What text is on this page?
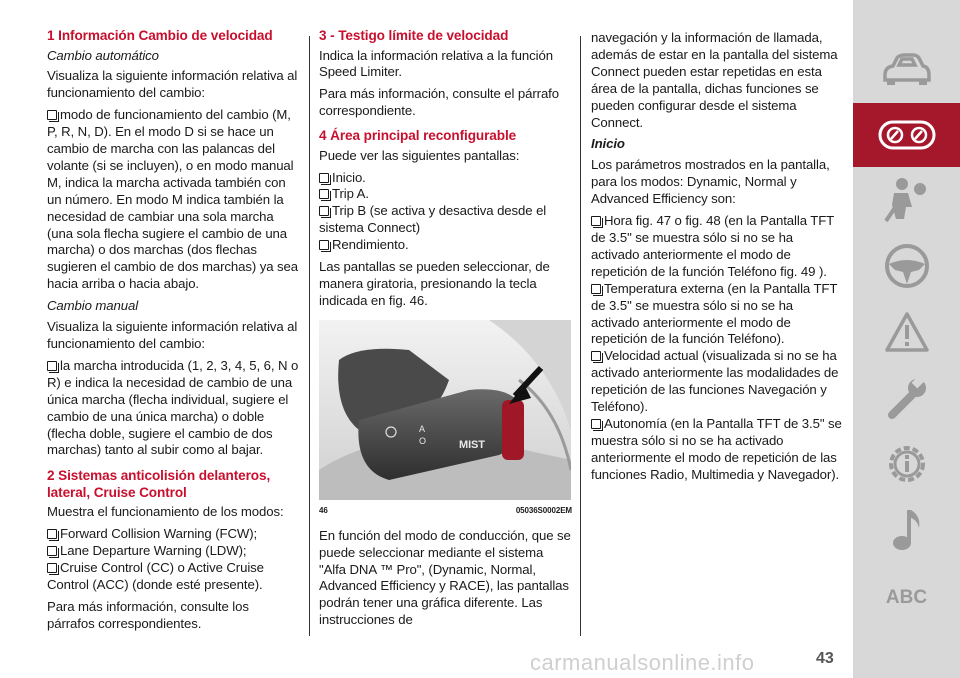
1 Información Cambio de velocidad
Cambio automático

Visualiza la siguiente información relativa al funcionamiento del cambio:

modo de funcionamiento del cambio (M, P, R, N, D). En el modo D si se hace un cambio de marcha con las palancas del volante (si se incluyen), o en modo manual M, indica la marcha activada también con un número. En modo M indica también la necesidad de cambiar una sola marcha (una sola flecha sugiere el cambio de una marcha) o dos marchas (dos flechas sugieren el cambio de dos marchas) ya sea hacia arriba o hacia abajo.

Cambio manual

Visualiza la siguiente información relativa al funcionamiento del cambio:

la marcha introducida (1, 2, 3, 4, 5, 6, N o R) e indica la necesidad de cambio de una única marcha (flecha individual, sugiere el cambio de una única marcha) o doble (flecha doble, sugiere el cambio de dos marchas) tanto al subir como al bajar.

2 Sistemas anticolisión delanteros, lateral, Cruise Control

Muestra el funcionamiento de los modos:

Forward Collision Warning (FCW);

Lane Departure Warning (LDW);

Cruise Control (CC) o Active Cruise Control (ACC) (donde esté presente).

Para más información, consulte los párrafos correspondientes.

3 - Testigo límite de velocidad

Indica la información relativa a la función Speed Limiter.

Para más información, consulte el párrafo correspondiente.

4 Área principal reconfigurable

Puede ver las siguientes pantallas:

Inicio.

Trip A.

Trip B (se activa y desactiva desde el sistema Connect)

Rendimiento.

Las pantallas se pueden seleccionar, de manera giratoria, presionando la tecla indicada en fig. 46.

MIST
A
O
46	05036S0002EM

En función del modo de conducción, que se puede seleccionar mediante el sistema "Alfa DNA ™ Pro", (Dynamic, Normal, Advanced Efficiency y RACE), las pantallas podrán tener una gráfica diferente. Las instrucciones de

navegación y la información de llamada, además de estar en la pantalla del sistema Connect pueden estar repetidas en esta área de la pantalla, dichas funciones se pueden configurar desde el sistema Connect.

Inicio

Los parámetros mostrados en la pantalla, para los modos: Dynamic, Normal y Advanced Efficiency son:

Hora fig. 47 o fig. 48 (en la Pantalla TFT de 3.5" se muestra sólo si no se ha activado anteriormente el modo de repetición de la función Teléfono fig. 49 ).

Temperatura externa (en la Pantalla TFT de 3.5" se muestra sólo si no se ha activado anteriormente el modo de repetición de la función Teléfono).

Velocidad actual (visualizada si no se ha activado anteriormente las modalidades de repetición de las funciones Navegación y Teléfono).

Autonomía (en la Pantalla TFT de 3.5" se muestra sólo si no se ha activado anteriormente el modo de repetición de las funciones Radio, Multimedia y Navegador).

ABC
carmanualsonline.info	43
